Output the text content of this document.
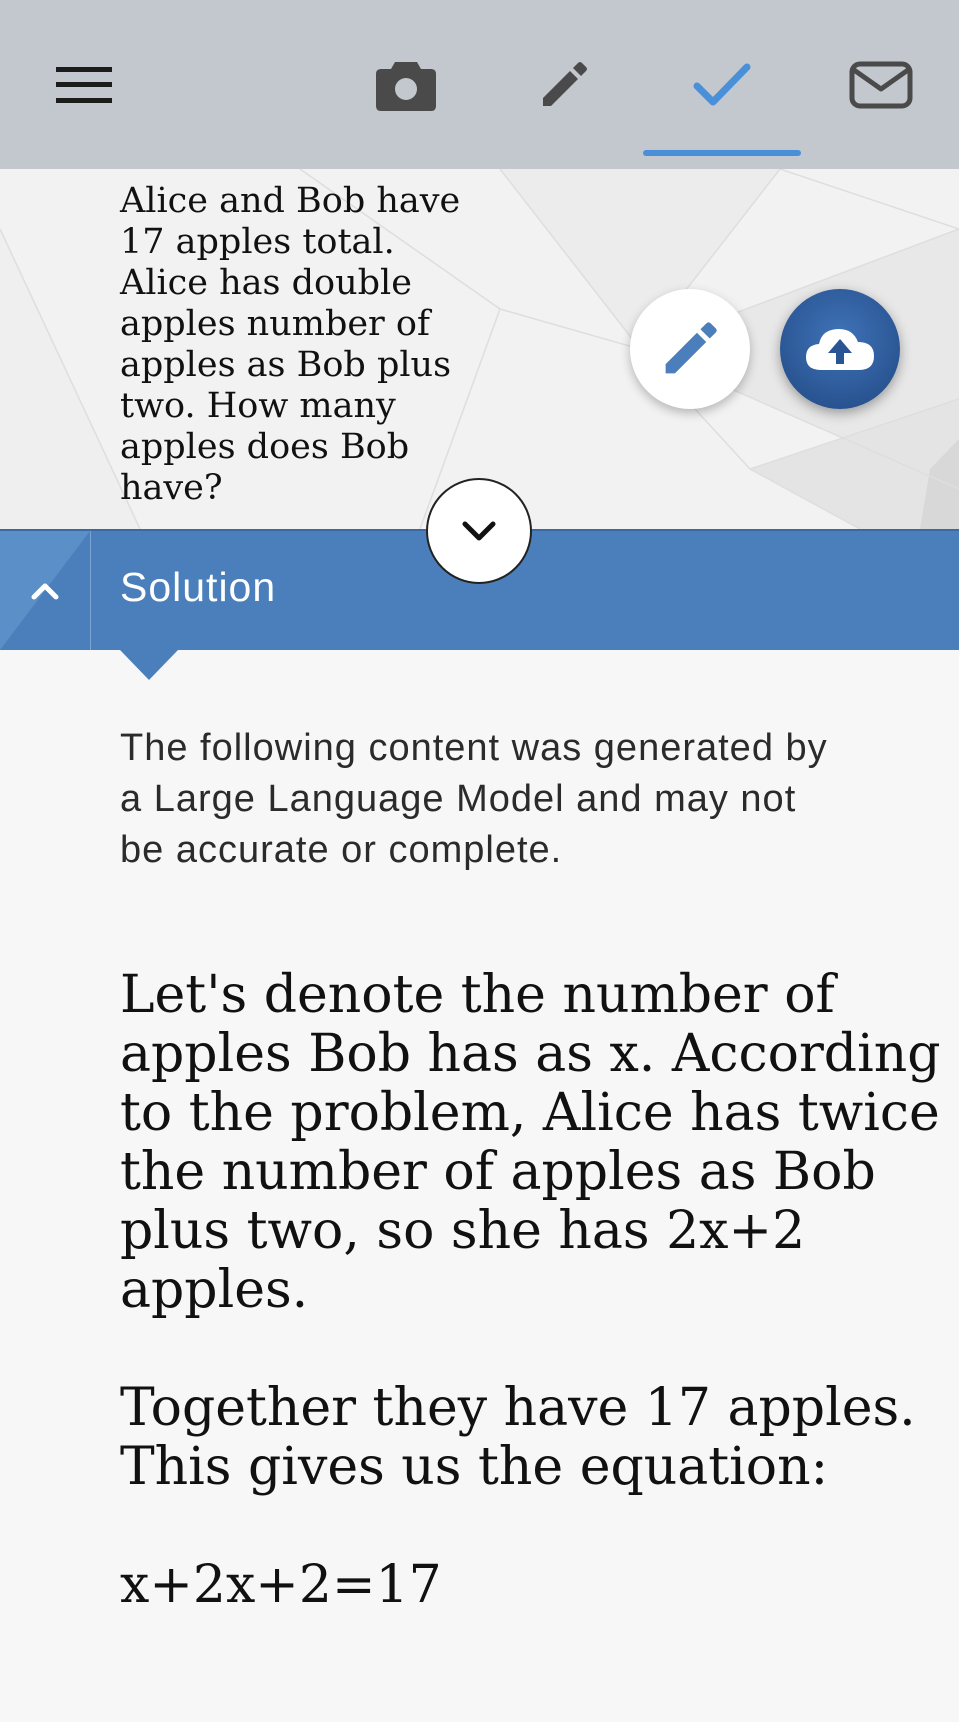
Alice and Bob have 17 apples total. Alice has double apples number of apples as Bob plus two. How many apples does Bob have?
Solution
The following content was generated by a Large Language Model and may not be accurate or complete.

Let's denote the number of apples Bob has as x. According to the problem, Alice has twice the number of apples as Bob plus two, so she has 2x+2 apples.

Together they have 17 apples. This gives us the equation:

x+2x+2=17
